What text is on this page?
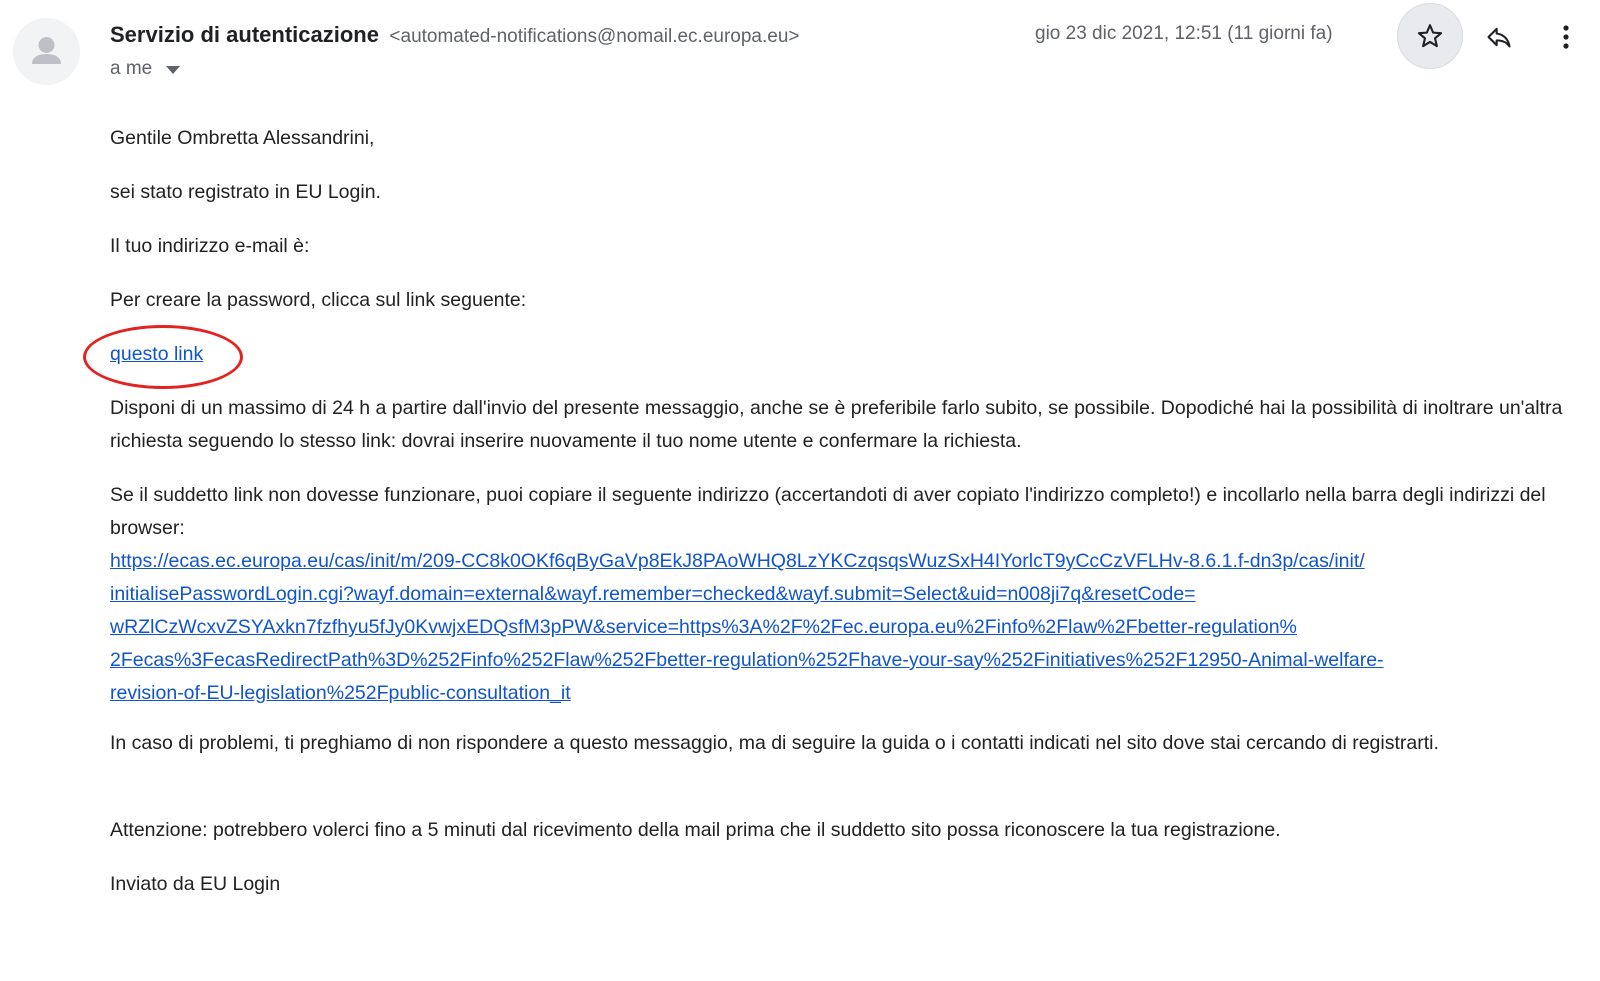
Servizio di autenticazione <automated-notifications@nomail.ec.europa.eu>
a me
gio 23 dic 2021, 12:51 (11 giorni fa)

Gentile Ombretta Alessandrini,

sei stato registrato in EU Login.

Il tuo indirizzo e-mail è:

Per creare la password, clicca sul link seguente:

questo link

Disponi di un massimo di 24 h a partire dall'invio del presente messaggio, anche se è preferibile farlo subito, se possibile. Dopodiché hai la possibilità di inoltrare un'altra richiesta seguendo lo stesso link: dovrai inserire nuovamente il tuo nome utente e confermare la richiesta.

Se il suddetto link non dovesse funzionare, puoi copiare il seguente indirizzo (accertandoti di aver copiato l'indirizzo completo!) e incollarlo nella barra degli indirizzi del browser:

https://ecas.ec.europa.eu/cas/init/m/209-CC8k0OKf6qByGaVp8EkJ8PAoWHQ8LzYKCzqsqsWuzSxH4IYorlcT9yCcCzVFLHv-8.6.1.f-dn3p/cas/init/
initialisePasswordLogin.cgi?wayf.domain=external&wayf.remember=checked&wayf.submit=Select&uid=n008ji7q&resetCode=
wRZlCzWcxvZSYAxkn7fzfhyu5fJy0KvwjxEDQsfM3pPW&service=https%3A%2F%2Fec.europa.eu%2Finfo%2Flaw%2Fbetter-regulation%
2Fecas%3FecasRedirectPath%3D%252Finfo%252Flaw%252Fbetter-regulation%252Fhave-your-say%252Finitiatives%252F12950-Animal-welfare-
revision-of-EU-legislation%252Fpublic-consultation_it

In caso di problemi, ti preghiamo di non rispondere a questo messaggio, ma di seguire la guida o i contatti indicati nel sito dove stai cercando di registrarti.

Attenzione: potrebbero volerci fino a 5 minuti dal ricevimento della mail prima che il suddetto sito possa riconoscere la tua registrazione.

Inviato da EU Login
